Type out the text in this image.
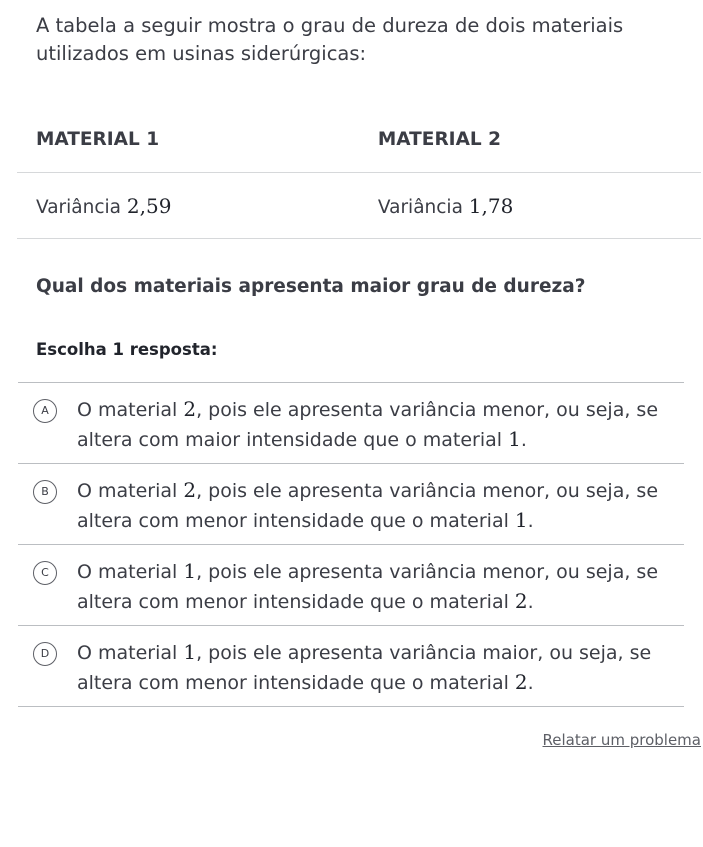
A tabela a seguir mostra o grau de dureza de dois materiais utilizados em usinas siderúrgicas:
MATERIAL 1	MATERIAL 2
Variância 2,59	Variância 1,78
Qual dos materiais apresenta maior grau de dureza?
Escolha 1 resposta:
A	O material 2, pois ele apresenta variância menor, ou seja, se altera com maior intensidade que o material 1.
B	O material 2, pois ele apresenta variância menor, ou seja, se altera com menor intensidade que o material 1.
C	O material 1, pois ele apresenta variância menor, ou seja, se altera com menor intensidade que o material 2.
D	O material 1, pois ele apresenta variância maior, ou seja, se altera com menor intensidade que o material 2.
Relatar um problema
